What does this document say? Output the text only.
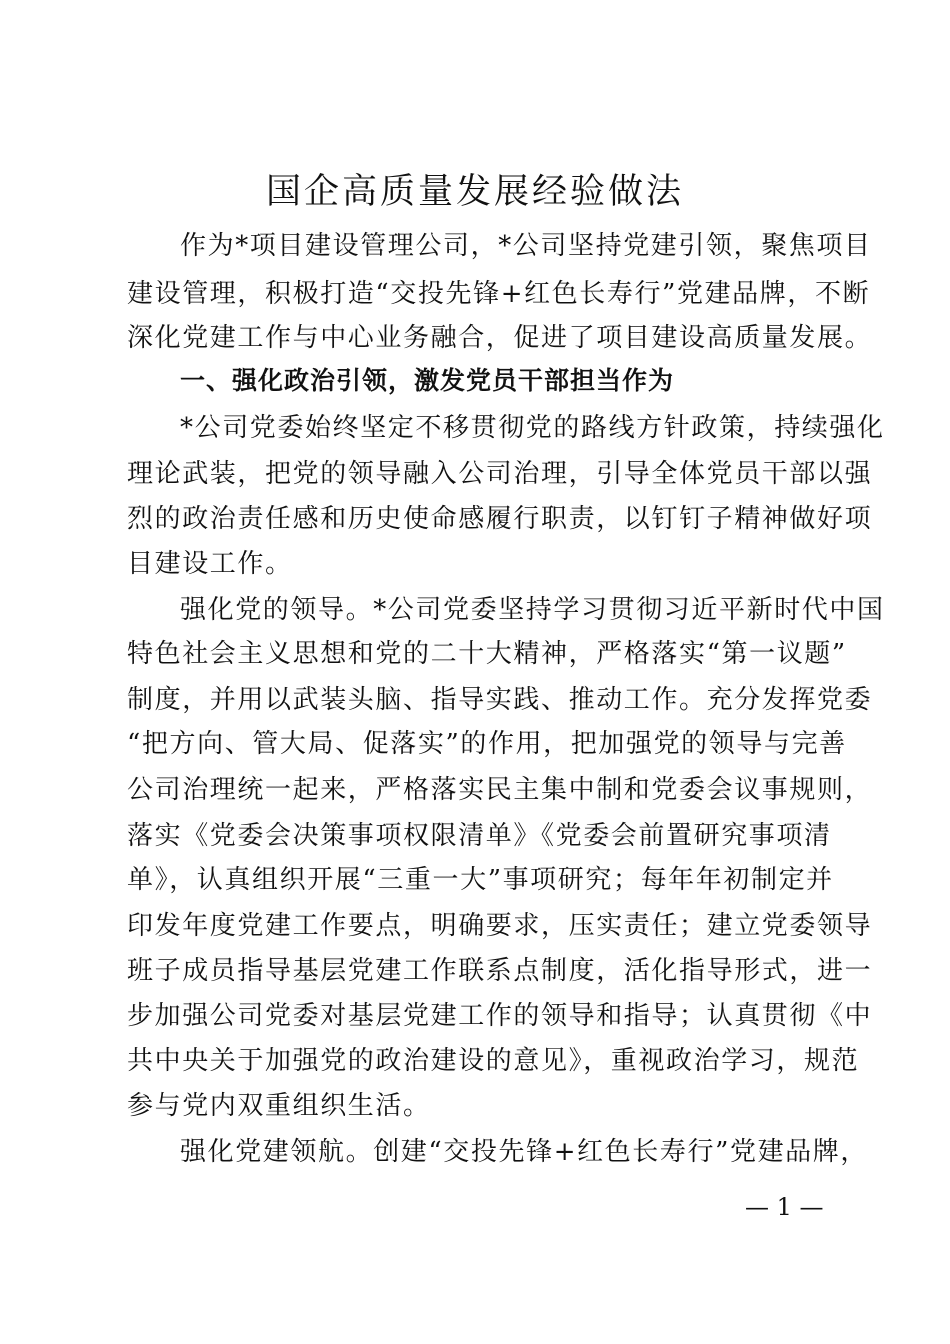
国企高质量发展经验做法
作为*项目建设管理公司，*公司坚持党建引领，聚焦项目
建设管理，积极打造“交投先锋+红色长寿行”党建品牌，不断
深化党建工作与中心业务融合，促进了项目建设高质量发展。
一、强化政治引领，激发党员干部担当作为
*公司党委始终坚定不移贯彻党的路线方针政策，持续强化
理论武装，把党的领导融入公司治理，引导全体党员干部以强
烈的政治责任感和历史使命感履行职责，以钉钉子精神做好项
目建设工作。
强化党的领导。*公司党委坚持学习贯彻习近平新时代中国
特色社会主义思想和党的二十大精神，严格落实“第一议题”
制度，并用以武装头脑、指导实践、推动工作。充分发挥党委
“把方向、管大局、促落实”的作用，把加强党的领导与完善
公司治理统一起来，严格落实民主集中制和党委会议事规则，
落实《党委会决策事项权限清单》《党委会前置研究事项清
单》，认真组织开展“三重一大”事项研究；每年年初制定并
印发年度党建工作要点，明确要求，压实责任；建立党委领导
班子成员指导基层党建工作联系点制度，活化指导形式，进一
步加强公司党委对基层党建工作的领导和指导；认真贯彻《中
共中央关于加强党的政治建设的意见》，重视政治学习，规范
参与党内双重组织生活。
强化党建领航。创建“交投先锋+红色长寿行”党建品牌，
— 1 —
